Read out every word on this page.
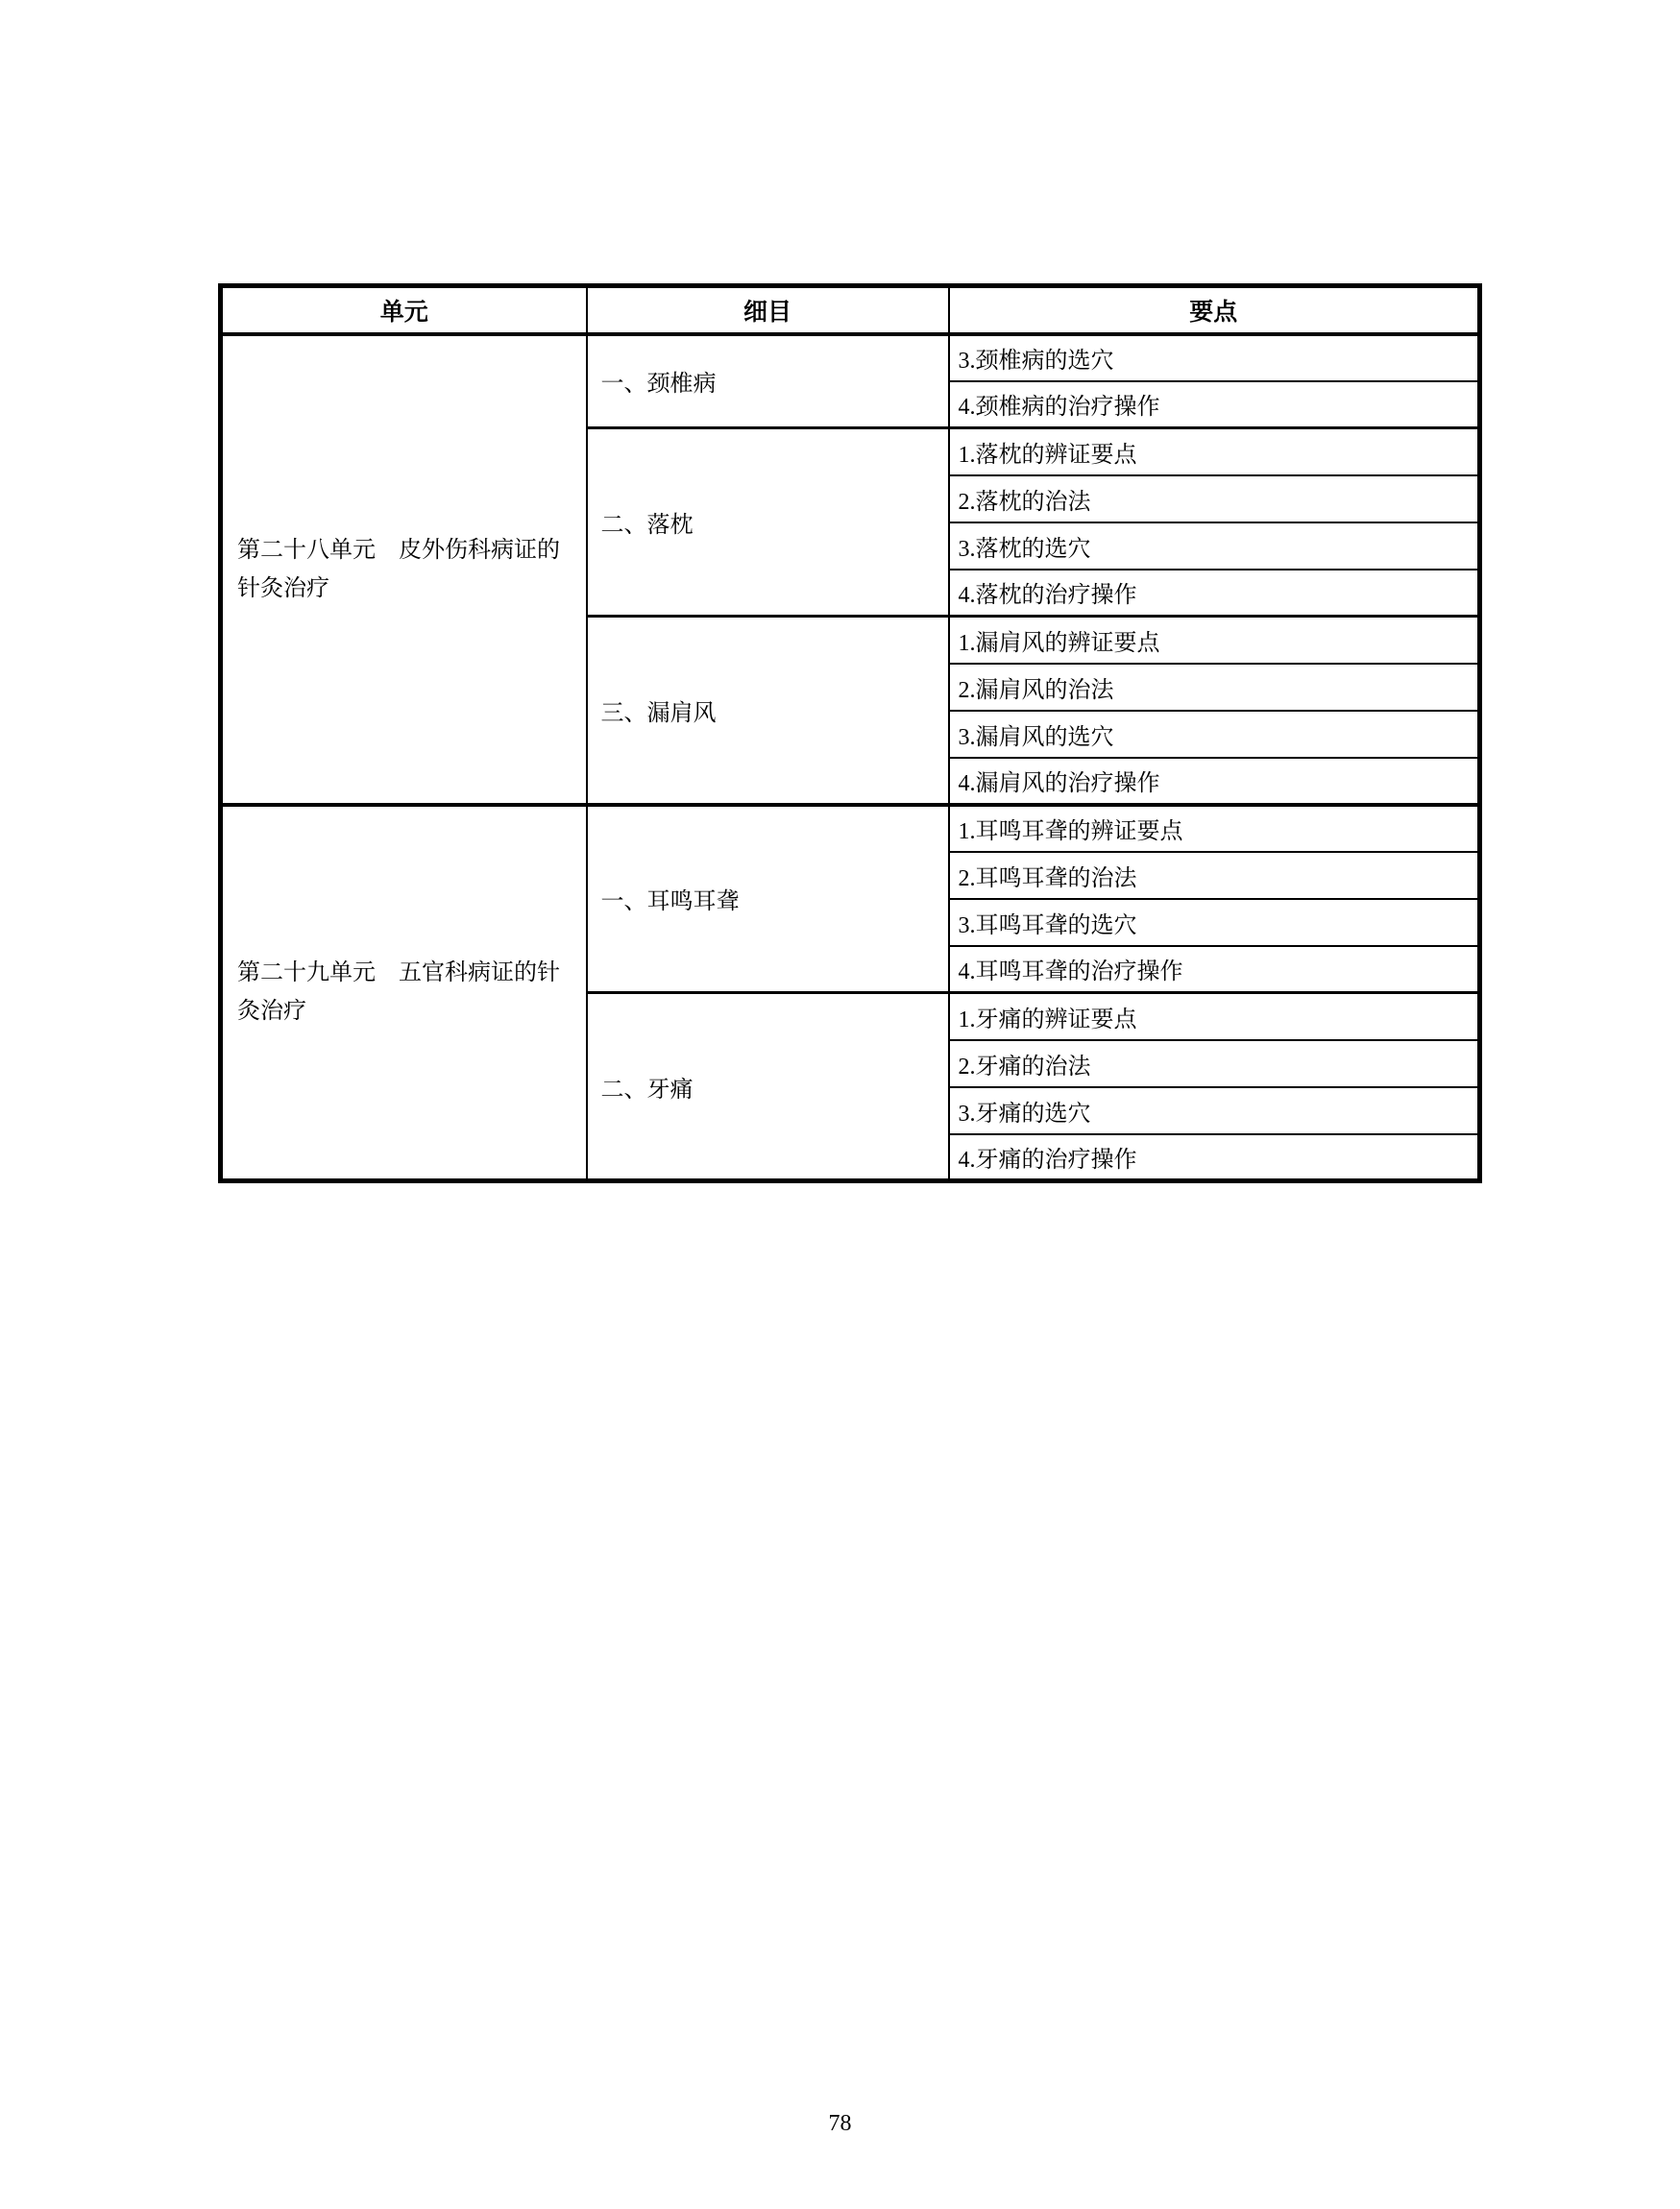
单元	细目	要点
第二十八单元　皮外伤科病证的针灸治疗	一、颈椎病	3.颈椎病的选穴
		4.颈椎病的治疗操作
	二、落枕	1.落枕的辨证要点
		2.落枕的治法
		3.落枕的选穴
		4.落枕的治疗操作
	三、漏肩风	1.漏肩风的辨证要点
		2.漏肩风的治法
		3.漏肩风的选穴
		4.漏肩风的治疗操作
第二十九单元　五官科病证的针灸治疗	一、耳鸣耳聋	1.耳鸣耳聋的辨证要点
		2.耳鸣耳聋的治法
		3.耳鸣耳聋的选穴
		4.耳鸣耳聋的治疗操作
	二、牙痛	1.牙痛的辨证要点
		2.牙痛的治法
		3.牙痛的选穴
		4.牙痛的治疗操作
78
